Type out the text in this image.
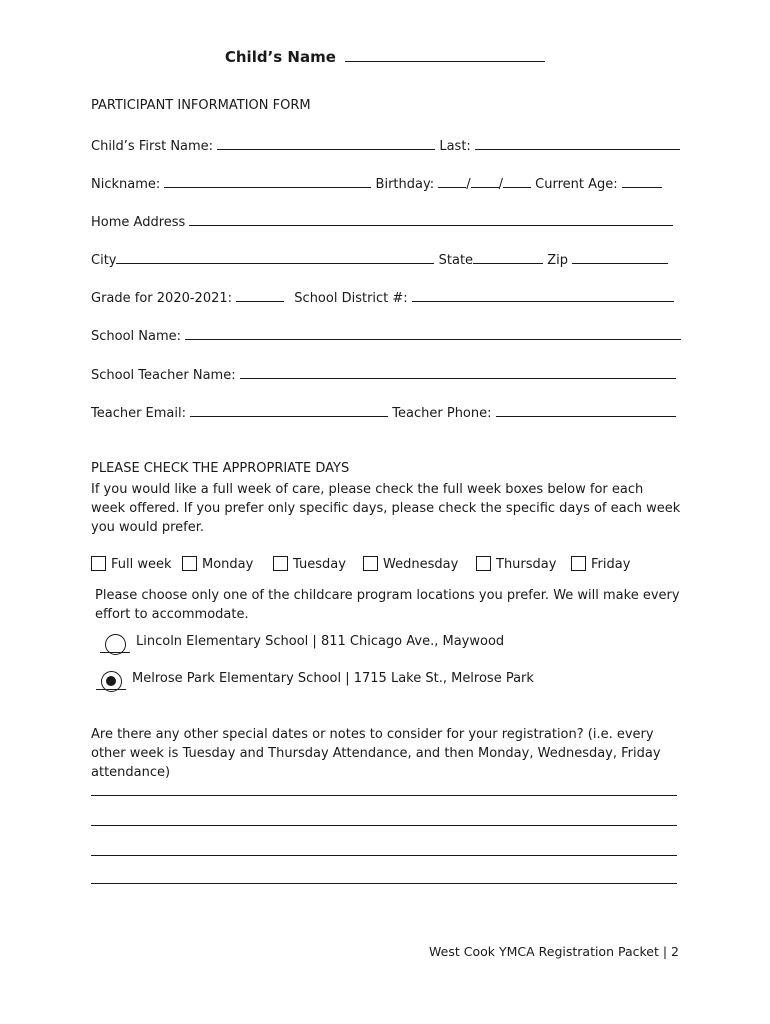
Child’s Name
PARTICIPANT INFORMATION FORM
Child’s First Name:	Last:
Nickname:	Birthday: / / Current Age:
Home Address
City	State	Zip
Grade for 2020-2021:	School District #:
School Name:
School Teacher Name:
Teacher Email:	Teacher Phone:
PLEASE CHECK THE APPROPRIATE DAYS
If you would like a full week of care, please check the full week boxes below for each week offered. If you prefer only specific days, please check the specific days of each week you would prefer.
Full week	Monday	Tuesday	Wednesday	Thursday	Friday
Please choose only one of the childcare program locations you prefer. We will make every effort to accommodate.
Lincoln Elementary School | 811 Chicago Ave., Maywood
Melrose Park Elementary School | 1715 Lake St., Melrose Park
Are there any other special dates or notes to consider for your registration? (i.e. every other week is Tuesday and Thursday Attendance, and then Monday, Wednesday, Friday attendance)
West Cook YMCA Registration Packet | 2
